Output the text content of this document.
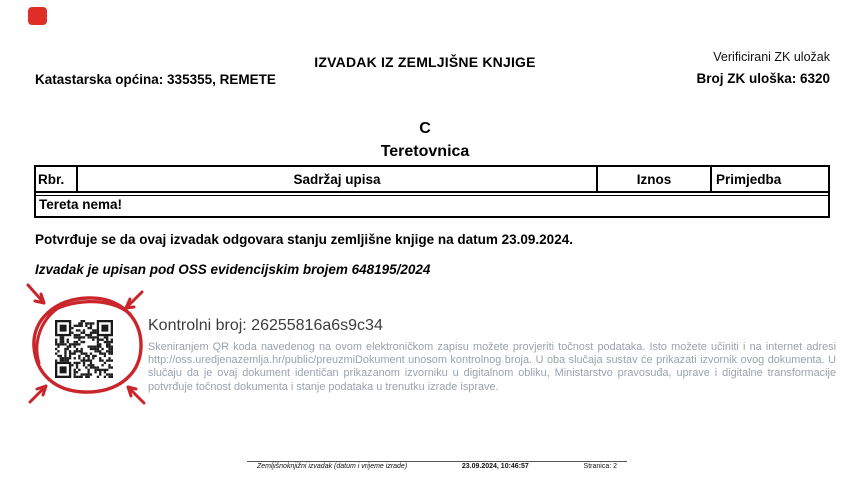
IZVADAK IZ ZEMLJIŠNE KNJIGE	Verificirani ZK uložak
Katastarska općina: 335355, REMETE	Broj ZK uloška: 6320
C
Teretovnica
Rbr.	Sadržaj upisa	Iznos	Primjedba
Tereta nema!
Potvrđuje se da ovaj izvadak odgovara stanju zemljišne knjige na datum 23.09.2024.
Izvadak je upisan pod OSS evidencijskim brojem 648195/2024
Kontrolni broj: 26255816a6s9c34
Skeniranjem QR koda navedenog na ovom elektroničkom zapisu možete provjeriti točnost podataka. Isto možete učiniti i na internet adresi http://oss.uredjenazemlja.hr/public/preuzmiDokument unosom kontrolnog broja. U oba slučaja sustav će prikazati izvornik ovog dokumenta. U slučaju da je ovaj dokument identičan prikazanom izvorniku u digitalnom obliku, Ministarstvo pravosuđa, uprave i digitalne transformacije potvrđuje točnost dokumenta i stanje podataka u trenutku izrade isprave.
Zemljišnoknjižni izvadak (datum i vrijeme izrade)	23.09.2024, 10:46:57	Stranica: 2
